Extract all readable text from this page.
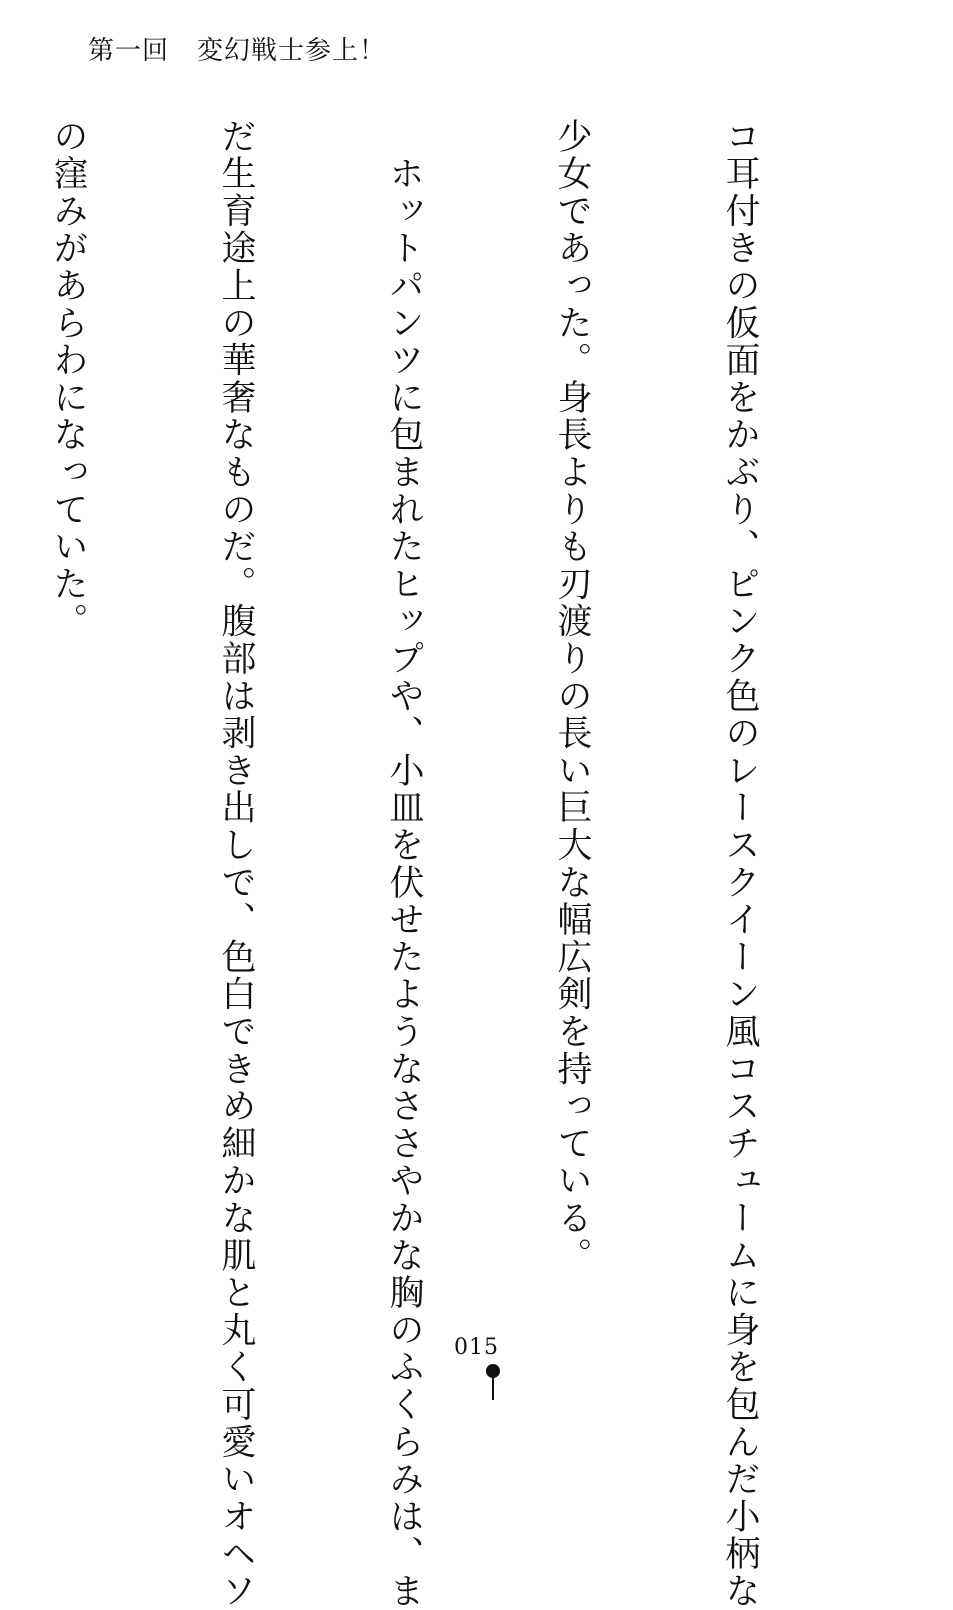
第一回 変幻戦士参上！

コ耳付きの仮面をかぶり、ピンク色のレースクイーン風コスチュームに身を包んだ小柄な

少女であった。身長よりも刃渡りの長い巨大な幅広剣を持っている。

　ホットパンツに包まれたヒップや、小皿を伏せたようなささやかな胸のふくらみは、ま

だ生育途上の華奢なものだ。腹部は剥き出しで、色白できめ細かな肌と丸く可愛いオヘソ

の窪みがあらわになっていた。

015
